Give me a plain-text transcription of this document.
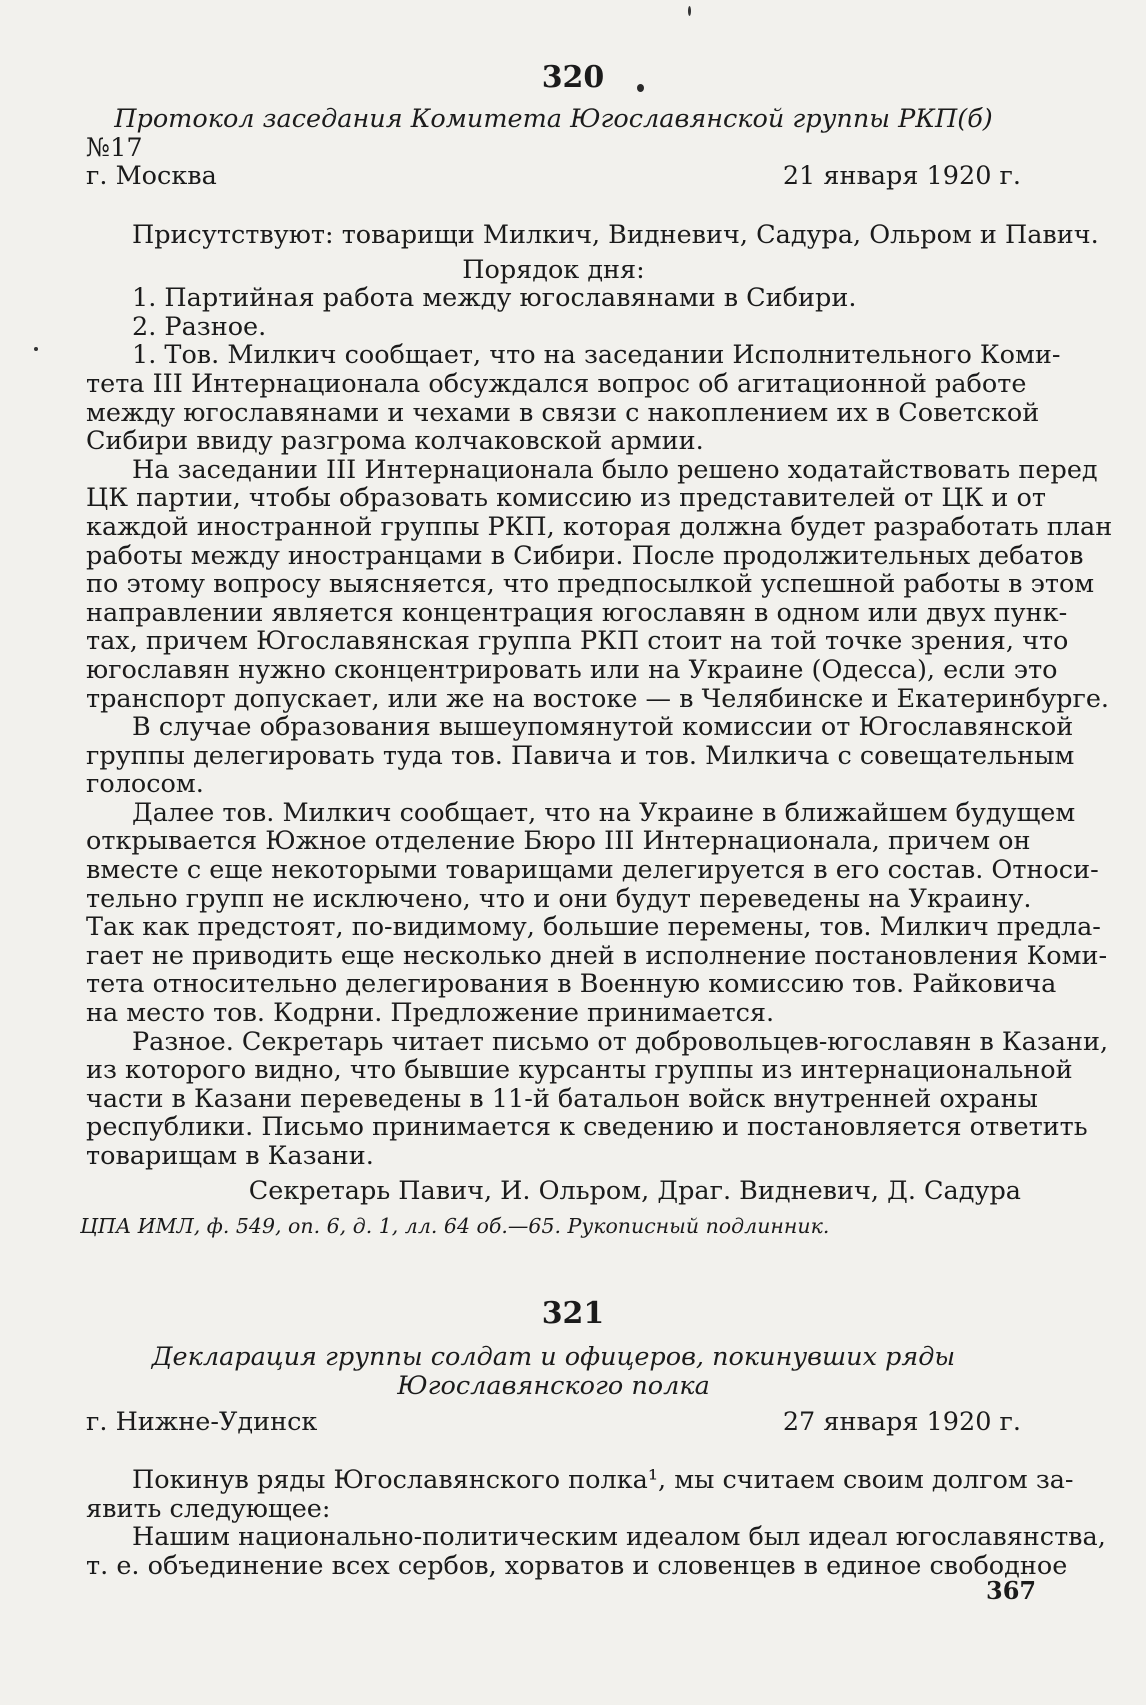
320
Протокол заседания Комитета Югославянской группы РКП(б)
№17
г. Москва	21 января 1920 г.
Присутствуют: товарищи Милкич, Видневич, Садура, Ольром и Павич.
Порядок дня:
1. Партийная работа между югославянами в Сибири.
2. Разное.
1. Тов. Милкич сообщает, что на заседании Исполнительного Коми-
тета III Интернационала обсуждался вопрос об агитационной работе
между югославянами и чехами в связи с накоплением их в Советской
Сибири ввиду разгрома колчаковской армии.
На заседании III Интернационала было решено ходатайствовать перед
ЦК партии, чтобы образовать комиссию из представителей от ЦК и от
каждой иностранной группы РКП, которая должна будет разработать план
работы между иностранцами в Сибири. После продолжительных дебатов
по этому вопросу выясняется, что предпосылкой успешной работы в этом
направлении является концентрация югославян в одном или двух пунк-
тах, причем Югославянская группа РКП стоит на той точке зрения, что
югославян нужно сконцентрировать или на Украине (Одесса), если это
транспорт допускает, или же на востоке — в Челябинске и Екатеринбурге.
В случае образования вышеупомянутой комиссии от Югославянской
группы делегировать туда тов. Павича и тов. Милкича с совещательным
голосом.
Далее тов. Милкич сообщает, что на Украине в ближайшем будущем
открывается Южное отделение Бюро III Интернационала, причем он
вместе с еще некоторыми товарищами делегируется в его состав. Относи-
тельно групп не исключено, что и они будут переведены на Украину.
Так как предстоят, по-видимому, большие перемены, тов. Милкич предла-
гает не приводить еще несколько дней в исполнение постановления Коми-
тета относительно делегирования в Военную комиссию тов. Райковича
на место тов. Кодрни. Предложение принимается.
Разное. Секретарь читает письмо от добровольцев-югославян в Казани,
из которого видно, что бывшие курсанты группы из интернациональной
части в Казани переведены в 11-й батальон войск внутренней охраны
республики. Письмо принимается к сведению и постановляется ответить
товарищам в Казани.
Секретарь Павич, И. Ольром, Драг. Видневич, Д. Садура
ЦПА ИМЛ, ф. 549, оп. 6, д. 1, лл. 64 об.—65. Рукописный подлинник.
321
Декларация группы солдат и офицеров, покинувших ряды
Югославянского полка
г. Нижне-Удинск	27 января 1920 г.
Покинув ряды Югославянского полка¹, мы считаем своим долгом за-
явить следующее:
Нашим национально-политическим идеалом был идеал югославянства,
т. е. объединение всех сербов, хорватов и словенцев в единое свободное
367
